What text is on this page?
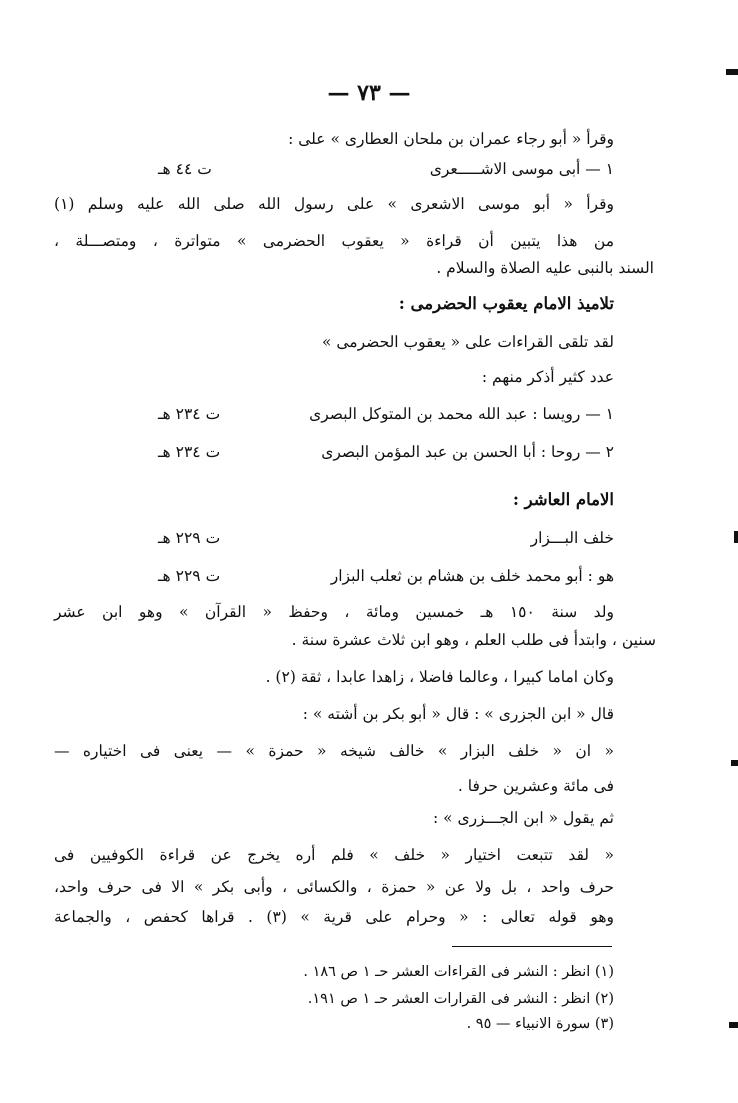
— ٧٣ —
وقرأ « أبو رجاء عمران بن ملحان العطارى » على :
١ — أبى موسى الاشـــــعرى
ت ٤٤ هـ
وقرأ « أبو موسى الاشعرى » على رسول الله صلى الله عليه وسلم (١)
من هذا يتبين أن قراءة « يعقوب الحضرمى » متواترة ، ومتصـــلة ،
السند بالنبى عليه الصلاة والسلام .
تلاميذ الامام يعقوب الحضرمى :
لقد تلقى القراءات على « يعقوب الحضرمى »
عدد كثير أذكر منهم :
١ — رويسا : عبد الله محمد بن المتوكل البصرى
ت ٢٣٤ هـ
٢ — روحا : أبا الحسن بن عبد المؤمن البصرى
ت ٢٣٤ هـ
الامام العاشر :
خلف البـــزار
ت ٢٢٩ هـ
هو : أبو محمد خلف بن هشام بن ثعلب البزار
ت ٢٢٩ هـ
ولد سنة ١٥٠ هـ خمسين ومائة ، وحفظ « القرآن » وهو ابن عشر
سنين ، وابتدأ فى طلب العلم ، وهو ابن ثلاث عشرة سنة .
وكان اماما كبيرا ، وعالما فاضلا ، زاهدا عابدا ، ثقة (٢) .
قال « ابن الجزرى » : قال « أبو بكر بن أشته » :
« ان « خلف البزار » خالف شيخه « حمزة » — يعنى فى اختياره —
فى مائة وعشرين حرفا .
ثم يقول « ابن الجـــزرى » :
« لقد تتبعت اختيار « خلف » فلم أره يخرج عن قراءة الكوفيين فى
حرف واحد ، بل ولا عن « حمزة ، والكسائى ، وأبى بكر » الا فى حرف واحد،
وهو قوله تعالى : « وحرام على قرية » (٣) . قراها كحفص ، والجماعة
(١) انظر : النشر فى القراءات العشر حـ ١ ص ١٨٦ .
(٢) انظر : النشر فى القرارات العشر حـ ١ ص ١٩١.
(٣) سورة الانبياء — ٩٥ .
